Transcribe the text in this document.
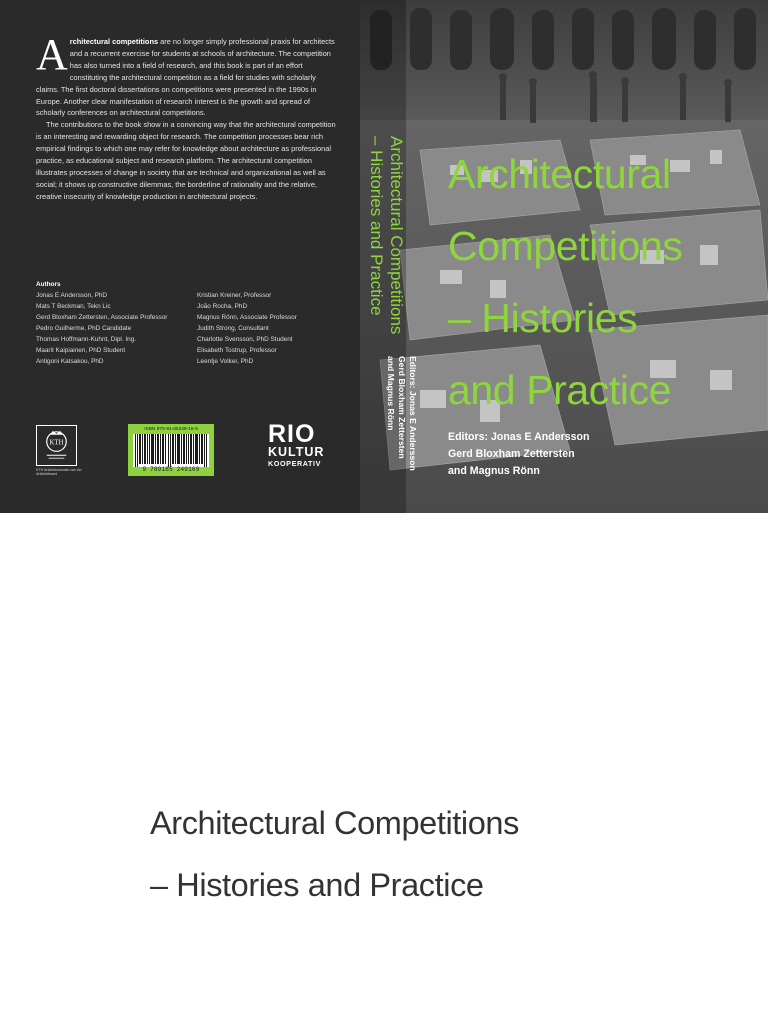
Architectural competitions are no longer simply professional praxis for architects and a recurrent exercise for students at schools of architecture. The competition has also turned into a field of research, and this book is part of an effort constituting the architectural competition as a field for studies with scholarly claims. The first doctoral dissertations on competitions were presented in the 1990s in Europe. Another clear manifestation of research interest is the growth and spread of scholarly conferences on architectural competitions.

The contributions to the book show in a convincing way that the architectural competition is an interesting and rewarding object for research. The competition processes bear rich empirical findings to which one may refer for knowledge about architecture as professional practice, as educational subject and research platform. The architectural competition illustrates processes of change in society that are technical and organizational as well as social; it shows up constructive dilemmas, the borderline of rationality and the relative, creative insecurity of knowledge production in architectural projects.

Authors
Jonas E Andersson, PhD
Mats T Beckman, Tekn Lic
Gerd Bloxham Zettersten, Associate Professor
Pedro Guilherme, PhD Candidate
Thomas Hoffmann-Kuhnt, Dipl. Ing.
Maarit Kaipiainen, PhD Student
Antigoni Katsakou, PhD
Kristian Kreiner, Professor
João Rocha, PhD
Magnus Rönn, Associate Professor
Judith Strong, Consultant
Charlotte Svensson, PhD Student
Elisabeth Tostrup, Professor
Leentje Volker, PhD
KTH
KTH Arkitekturskolan och Ab Arkitektbrand
ISBN 978-91-85249-16-9
9 789185 249169
RIO
KULTUR
KOOPERATIV
Architectural Competitions
– Histories and Practice
Editors: Jonas E Andersson
Gerd Bloxham Zettersten
and Magnus Rönn
Architectural
Competitions
– Histories
and Practice
Editors: Jonas E Andersson
Gerd Bloxham Zettersten
and Magnus Rönn
Architectural Competitions
– Histories and Practice
